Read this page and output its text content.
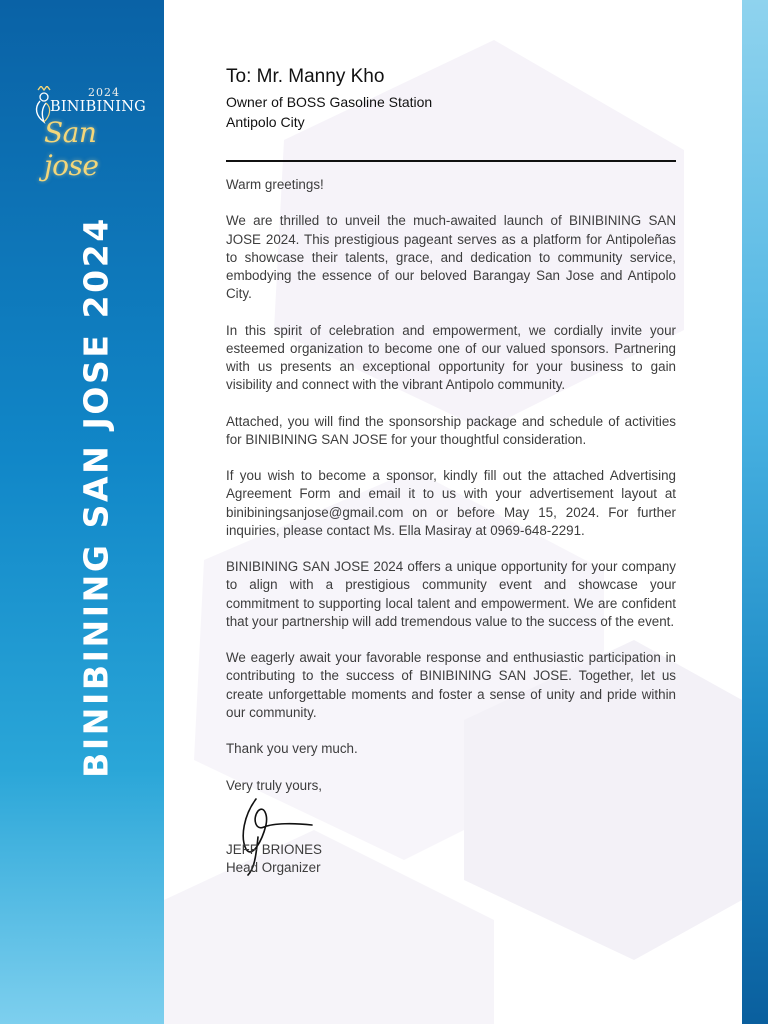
2024
BINIBINING
San jose
BINIBINING SAN JOSE 2024

To: Mr. Manny Kho

Owner of BOSS Gasoline Station

Antipolo City

Warm greetings!

We are thrilled to unveil the much-awaited launch of BINIBINING SAN JOSE 2024. This prestigious pageant serves as a platform for Antipoleñas to showcase their talents, grace, and dedication to community service, embodying the essence of our beloved Barangay San Jose and Antipolo City.

In this spirit of celebration and empowerment, we cordially invite your esteemed organization to become one of our valued sponsors. Partnering with us presents an exceptional opportunity for your business to gain visibility and connect with the vibrant Antipolo community.

Attached, you will find the sponsorship package and schedule of activities for BINIBINING SAN JOSE for your thoughtful consideration.

If you wish to become a sponsor, kindly fill out the attached Advertising Agreement Form and email it to us with your advertisement layout at binibiningsanjose@gmail.com on or before May 15, 2024. For further inquiries, please contact Ms. Ella Masiray at 0969-648-2291.

BINIBINING SAN JOSE 2024 offers a unique opportunity for your company to align with a prestigious community event and showcase your commitment to supporting local talent and empowerment. We are confident that your partnership will add tremendous value to the success of the event.

We eagerly await your favorable response and enthusiastic participation in contributing to the success of BINIBINING SAN JOSE. Together, let us create unforgettable moments and foster a sense of unity and pride within our community.

Thank you very much.

Very truly yours,

JEFF BRIONES
Head Organizer
